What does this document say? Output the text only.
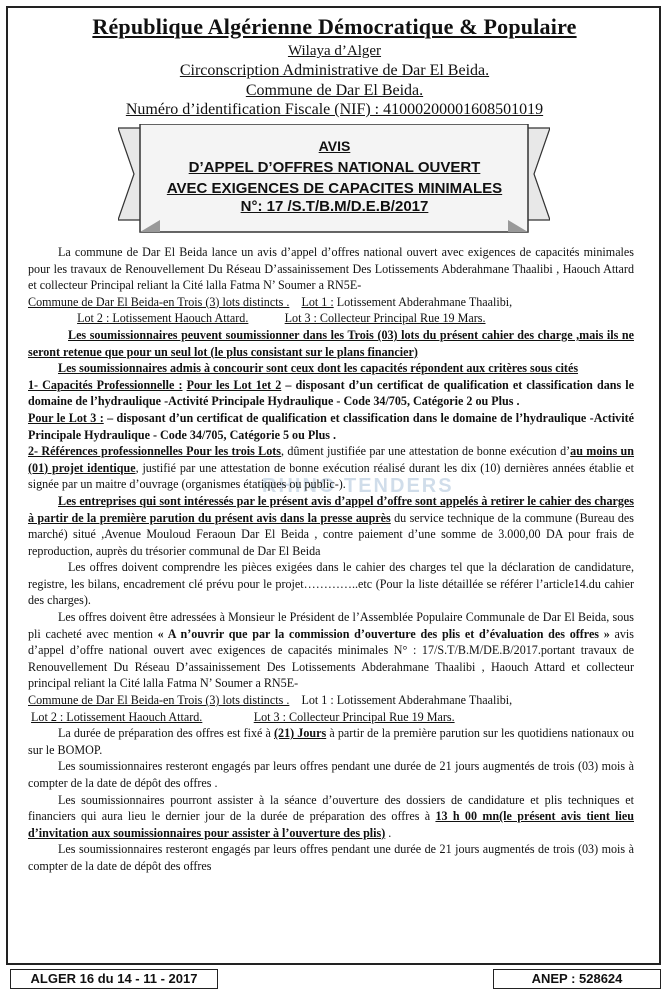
République Algérienne Démocratique & Populaire
Wilaya d’Alger
Circonscription Administrative de Dar El Beida.
Commune de Dar El Beida.
Numéro d’identification Fiscale (NIF) : 410002000016085​01019
AVIS
D’APPEL D’OFFRES NATIONAL OUVERT
AVEC EXIGENCES DE CAPACITES MINIMALES
N°: 17 /S.T/B.M/D.E.B/2017
RHINO TENDERS

La commune de Dar El Beida lance un avis d’appel d’offres national ouvert avec exigences de capacités minimales pour les travaux de Renouvellement Du Réseau D’assainissement Des Lotissements Abderahmane Thaalibi , Haouch Attard et collecteur Principal reliant la Cité lalla Fatma N’ Soumer a RN5E-
Commune de Dar El Beida-en Trois (3) lots distincts . Lot 1 : Lotissement Abderahmane Thaalibi,

Lot 2 : Lotissement Haouch Attard.	Lot 3 : Collecteur Principal Rue 19 Mars.

Les soumissionnaires peuvent soumissionner dans les Trois (03) lots du présent cahier des charge ,mais ils ne seront retenue que pour un seul lot (le plus consistant sur le plans financier)

Les soumissionnaires admis à concourir sont ceux dont les capacités répondent aux critères sous cités

1- Capacités Professionnelle : Pour les Lot 1et 2 – disposant d’un certificat de qualification et classification dans le domaine de l’hydraulique -Activité Principale Hydraulique - Code 34/705, Catégorie 2 ou Plus .

Pour le Lot 3 : – disposant d’un certificat de qualification et classification dans le domaine de l’hydraulique -Activité Principale Hydraulique - Code 34/705, Catégorie 5 ou Plus .

2- Références professionnelles Pour les trois Lots, dûment justifiée par une attestation de bonne exécution d’au moins un (01) projet identique, justifié par une attestation de bonne exécution réalisé durant les dix (10) dernières années établie et signée par un maitre d’ouvrage (organismes étatiques ou public-).

Les entreprises qui sont intéressés par le présent avis d’appel d’offre sont appelés à retirer le cahier des charges à partir de la première parution du présent avis dans la presse auprès du service technique de la commune (Bureau des marché) situé ,Avenue Mouloud Feraoun Dar El Beida , contre paiement d’une somme de 3.000,00 DA pour frais de reproduction, auprès du trésorier communal de Dar El Beida

Les offres doivent comprendre les pièces exigées dans le cahier des charges tel que la déclaration de candidature, registre, les bilans, encadrement clé prévu pour le projet…………..etc (Pour la liste détaillée se référer l’article14.du cahier des charges).

Les offres doivent être adressées à Monsieur le Président de l’Assemblée Populaire Communale de Dar El Beida, sous pli cacheté avec mention « A n’ouvrir que par la commission d’ouverture des plis et d’évaluation des offres » avis d’appel d’offre national ouvert avec exigences de capacités minimales N° : 17/S.T/B.M/DE.B/2017.portant travaux de Renouvellement Du Réseau D’assainissement Des Lotissements Abderahmane Thaalibi , Haouch Attard et collecteur principal reliant la Cité lalla Fatma N’ Soumer a RN5E-
Commune de Dar El Beida-en Trois (3) lots distincts . Lot 1 : Lotissement Abderahmane Thaalibi,
Lot 2 : Lotissement Haouch Attard.	Lot 3 : Collecteur Principal Rue 19 Mars.

La durée de préparation des offres est fixé à (21) Jours à partir de la première parution sur les quotidiens nationaux ou sur le BOMOP.

Les soumissionnaires resteront engagés par leurs offres pendant une durée de 21 jours augmentés de trois (03) mois à compter de la date de dépôt des offres .

Les soumissionnaires pourront assister à la séance d’ouverture des dossiers de candidature et plis techniques et financiers qui aura lieu le dernier jour de la durée de préparation des offres à 13 h 00 mn(le présent avis tient lieu d’invitation aux soumissionnaires pour assister à l’ouverture des plis) .

Les soumissionnaires resteront engagés par leurs offres pendant une durée de 21 jours augmentés de trois (03) mois à compter de la date de dépôt des offres

ALGER 16 du 14 - 11 - 2017	ANEP : 528624
